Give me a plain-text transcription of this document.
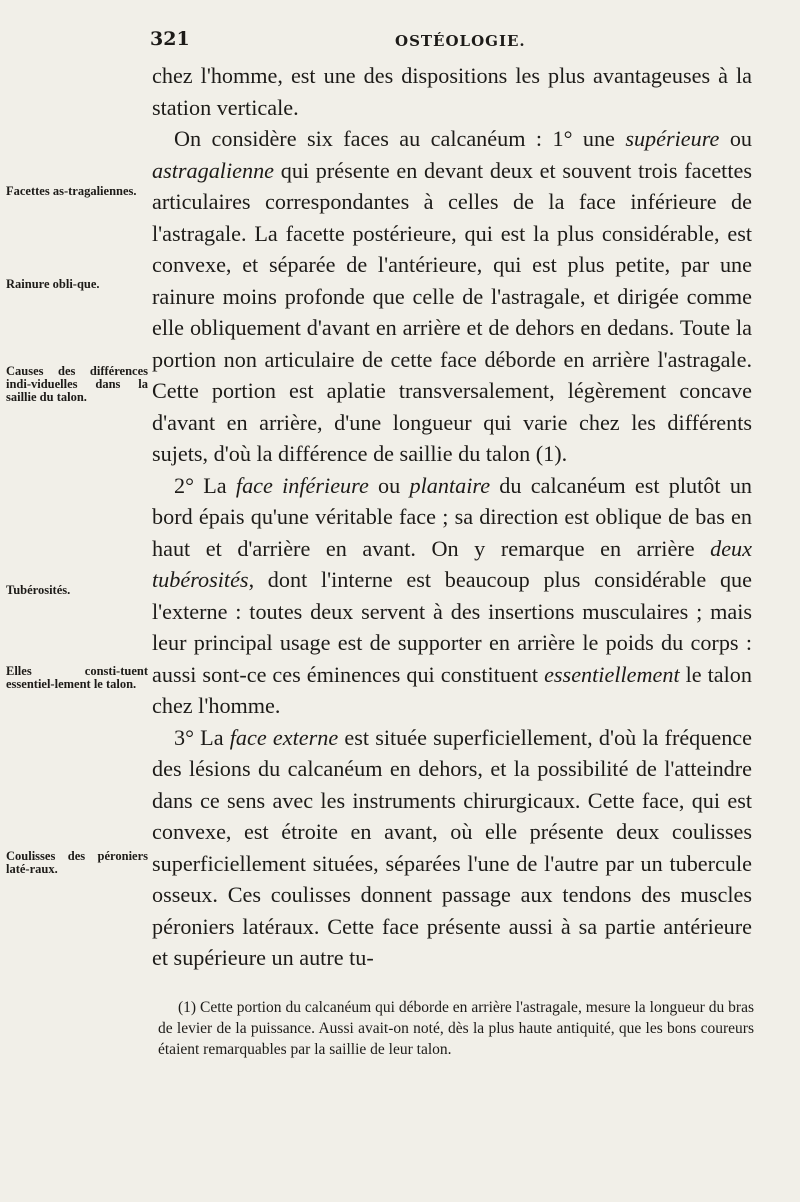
321	OSTÉOLOGIE.
Facettes as-tragaliennes.
Rainure obli-que.
Causes des différences indi-viduelles dans la saillie du talon.
Tubérosités.
Elles consti-tuent essentiel-lement le talon.
Coulisses des péroniers laté-raux.

chez l'homme, est une des dispositions les plus avantageuses à la station verticale.

On considère six faces au calcanéum : 1° une supérieure ou astragalienne qui présente en devant deux et souvent trois facettes articulaires correspondantes à celles de la face inférieure de l'astragale. La facette postérieure, qui est la plus considérable, est convexe, et séparée de l'antérieure, qui est plus petite, par une rainure moins profonde que celle de l'astragale, et dirigée comme elle obliquement d'avant en arrière et de dehors en dedans. Toute la portion non articulaire de cette face déborde en arrière l'astragale. Cette portion est aplatie transversalement, légèrement concave d'avant en arrière, d'une longueur qui varie chez les différents sujets, d'où la différence de saillie du talon (1).

2° La face inférieure ou plantaire du calcanéum est plutôt un bord épais qu'une véritable face ; sa direction est oblique de bas en haut et d'arrière en avant. On y remarque en arrière deux tubérosités, dont l'interne est beaucoup plus considérable que l'externe : toutes deux servent à des insertions musculaires ; mais leur principal usage est de supporter en arrière le poids du corps : aussi sont-ce ces éminences qui constituent essentiellement le talon chez l'homme.

3° La face externe est située superficiellement, d'où la fréquence des lésions du calcanéum en dehors, et la possibilité de l'atteindre dans ce sens avec les instruments chirurgicaux. Cette face, qui est convexe, est étroite en avant, où elle présente deux coulisses superficiellement situées, séparées l'une de l'autre par un tubercule osseux. Ces coulisses donnent passage aux tendons des muscles péroniers latéraux. Cette face présente aussi à sa partie antérieure et supérieure un autre tu-

(1) Cette portion du calcanéum qui déborde en arrière l'astragale, mesure la longueur du bras de levier de la puissance. Aussi avait-on noté, dès la plus haute antiquité, que les bons coureurs étaient remarquables par la saillie de leur talon.
